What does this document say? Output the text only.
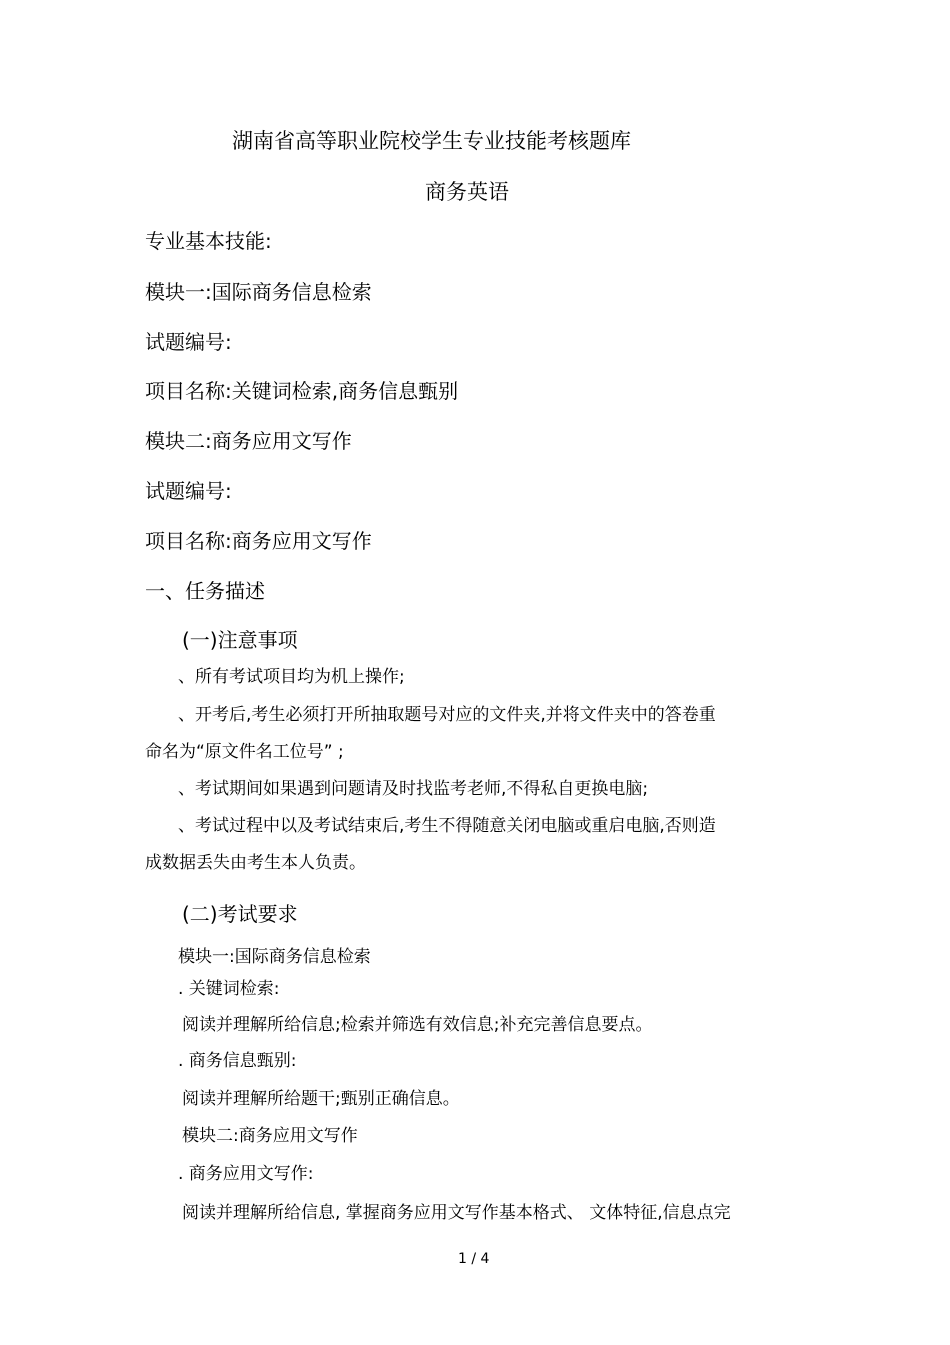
湖南省高等职业院校学生专业技能考核题库
商务英语
专业基本技能:
模块一:国际商务信息检索
试题编号:
项目名称:关键词检索,商务信息甄别
模块二:商务应用文写作
试题编号:
项目名称:商务应用文写作
一、任务描述
(一)注意事项
、所有考试项目均为机上操作;
、开考后,考生必须打开所抽取题号对应的文件夹,并将文件夹中的答卷重
命名为“原文件名工位号” ;
、考试期间如果遇到问题请及时找监考老师,不得私自更换电脑;
、考试过程中以及考试结束后,考生不得随意关闭电脑或重启电脑,否则造
成数据丢失由考生本人负责。
(二)考试要求
模块一:国际商务信息检索
. 关键词检索:
阅读并理解所给信息;检索并筛选有效信息;补充完善信息要点。
. 商务信息甄别:
阅读并理解所给题干;甄别正确信息。
模块二:商务应用文写作
. 商务应用文写作:
阅读并理解所给信息, 掌握商务应用文写作基本格式、 文体特征,信息点完
1 / 4
